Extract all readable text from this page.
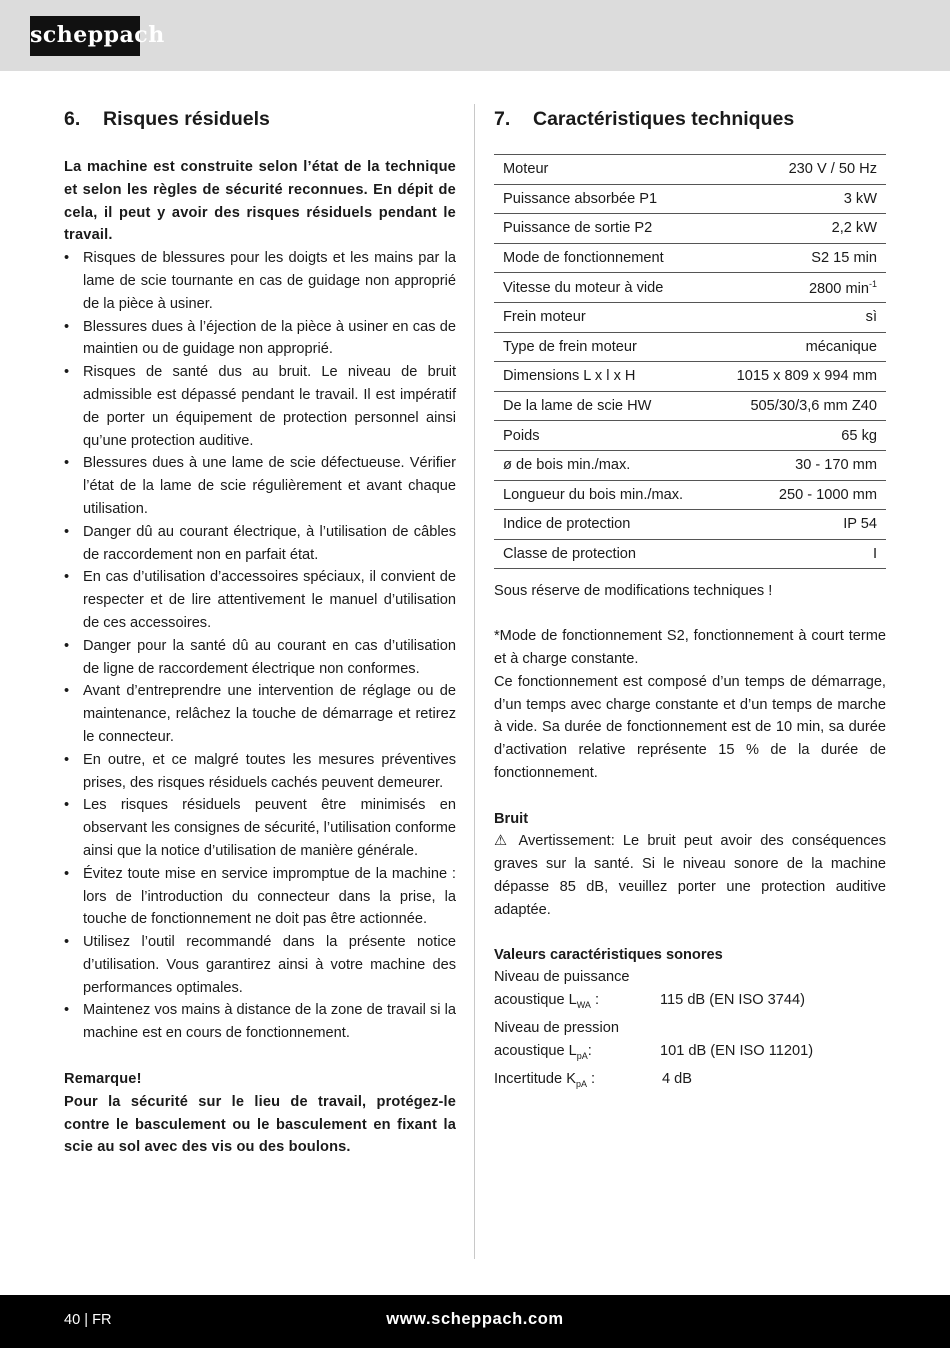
scheppach
6. Risques résiduels
La machine est construite selon l’état de la technique et selon les règles de sécurité reconnues. En dépit de cela, il peut y avoir des risques résiduels pendant le travail.
• Risques de blessures pour les doigts et les mains par la lame de scie tournante en cas de guidage non approprié de la pièce à usiner.
• Blessures dues à l’éjection de la pièce à usiner en cas de maintien ou de guidage non approprié.
• Risques de santé dus au bruit. Le niveau de bruit admissible est dépassé pendant le travail. Il est impératif de porter un équipement de protection personnel ainsi qu’une protection auditive.
• Blessures dues à une lame de scie défectueuse. Vérifier l’état de la lame de scie régulièrement et avant chaque utilisation.
• Danger dû au courant électrique, à l’utilisation de câbles de raccordement non en parfait état.
• En cas d’utilisation d’accessoires spéciaux, il convient de respecter et de lire attentivement le manuel d’utilisation de ces accessoires.
• Danger pour la santé dû au courant en cas d’utilisation de ligne de raccordement électrique non conformes.
• Avant d’entreprendre une intervention de réglage ou de maintenance, relâchez la touche de démarrage et retirez le connecteur.
• En outre, et ce malgré toutes les mesures préventives prises, des risques résiduels cachés peuvent demeurer.
• Les risques résiduels peuvent être minimisés en observant les consignes de sécurité, l’utilisation conforme ainsi que la notice d’utilisation de manière générale.
• Évitez toute mise en service impromptue de la machine : lors de l’introduction du connecteur dans la prise, la touche de fonctionnement ne doit pas être actionnée.
• Utilisez l’outil recommandé dans la présente notice d’utilisation. Vous garantirez ainsi à votre machine des performances optimales.
• Maintenez vos mains à distance de la zone de travail si la machine est en cours de fonctionnement.
Remarque!
Pour la sécurité sur le lieu de travail, protégez-le contre le basculement ou le basculement en fixant la scie au sol avec des vis ou des boulons.
7. Caractéristiques techniques
Moteur	230 V / 50 Hz
Puissance absorbée P1	3 kW
Puissance de sortie P2	2,2 kW
Mode de fonctionnement	S2 15 min
Vitesse du moteur à vide	2800 $\min^{-1}$
Frein moteur	sì
Type de frein moteur	mécanique
Dimensions L x l x H	1015 x 809 x 994 mm
De la lame de scie HW	505/30/3,6 mm Z40
Poids	65 kg
ø de bois min./max.	30 - 170 mm
Longueur du bois min./max.	250 - 1000 mm
Indice de protection	IP 54
Classe de protection	I
Sous réserve de modifications techniques !
*Mode de fonctionnement S2, fonctionnement à court terme et à charge constante.
Ce fonctionnement est composé d’un temps de démarrage, d’un temps avec charge constante et d’un temps de marche à vide. Sa durée de fonctionnement est de 10 min, sa durée d’activation relative représente 15 % de la durée de fonctionnement.
Bruit
⚠ Avertissement: Le bruit peut avoir des conséquences graves sur la santé. Si le niveau sonore de la machine dépasse 85 dB, veuillez porter une protection auditive adaptée.
Valeurs caractéristiques sonores
Niveau de puissance
acoustique $L_{WA}$ :	115 dB (EN ISO 3744)
Niveau de pression
acoustique $L_{pA}$:	101 dB (EN ISO 11201)
Incertitude $K_{pA}$ :	4 dB
40 | FR	www.scheppach.com
